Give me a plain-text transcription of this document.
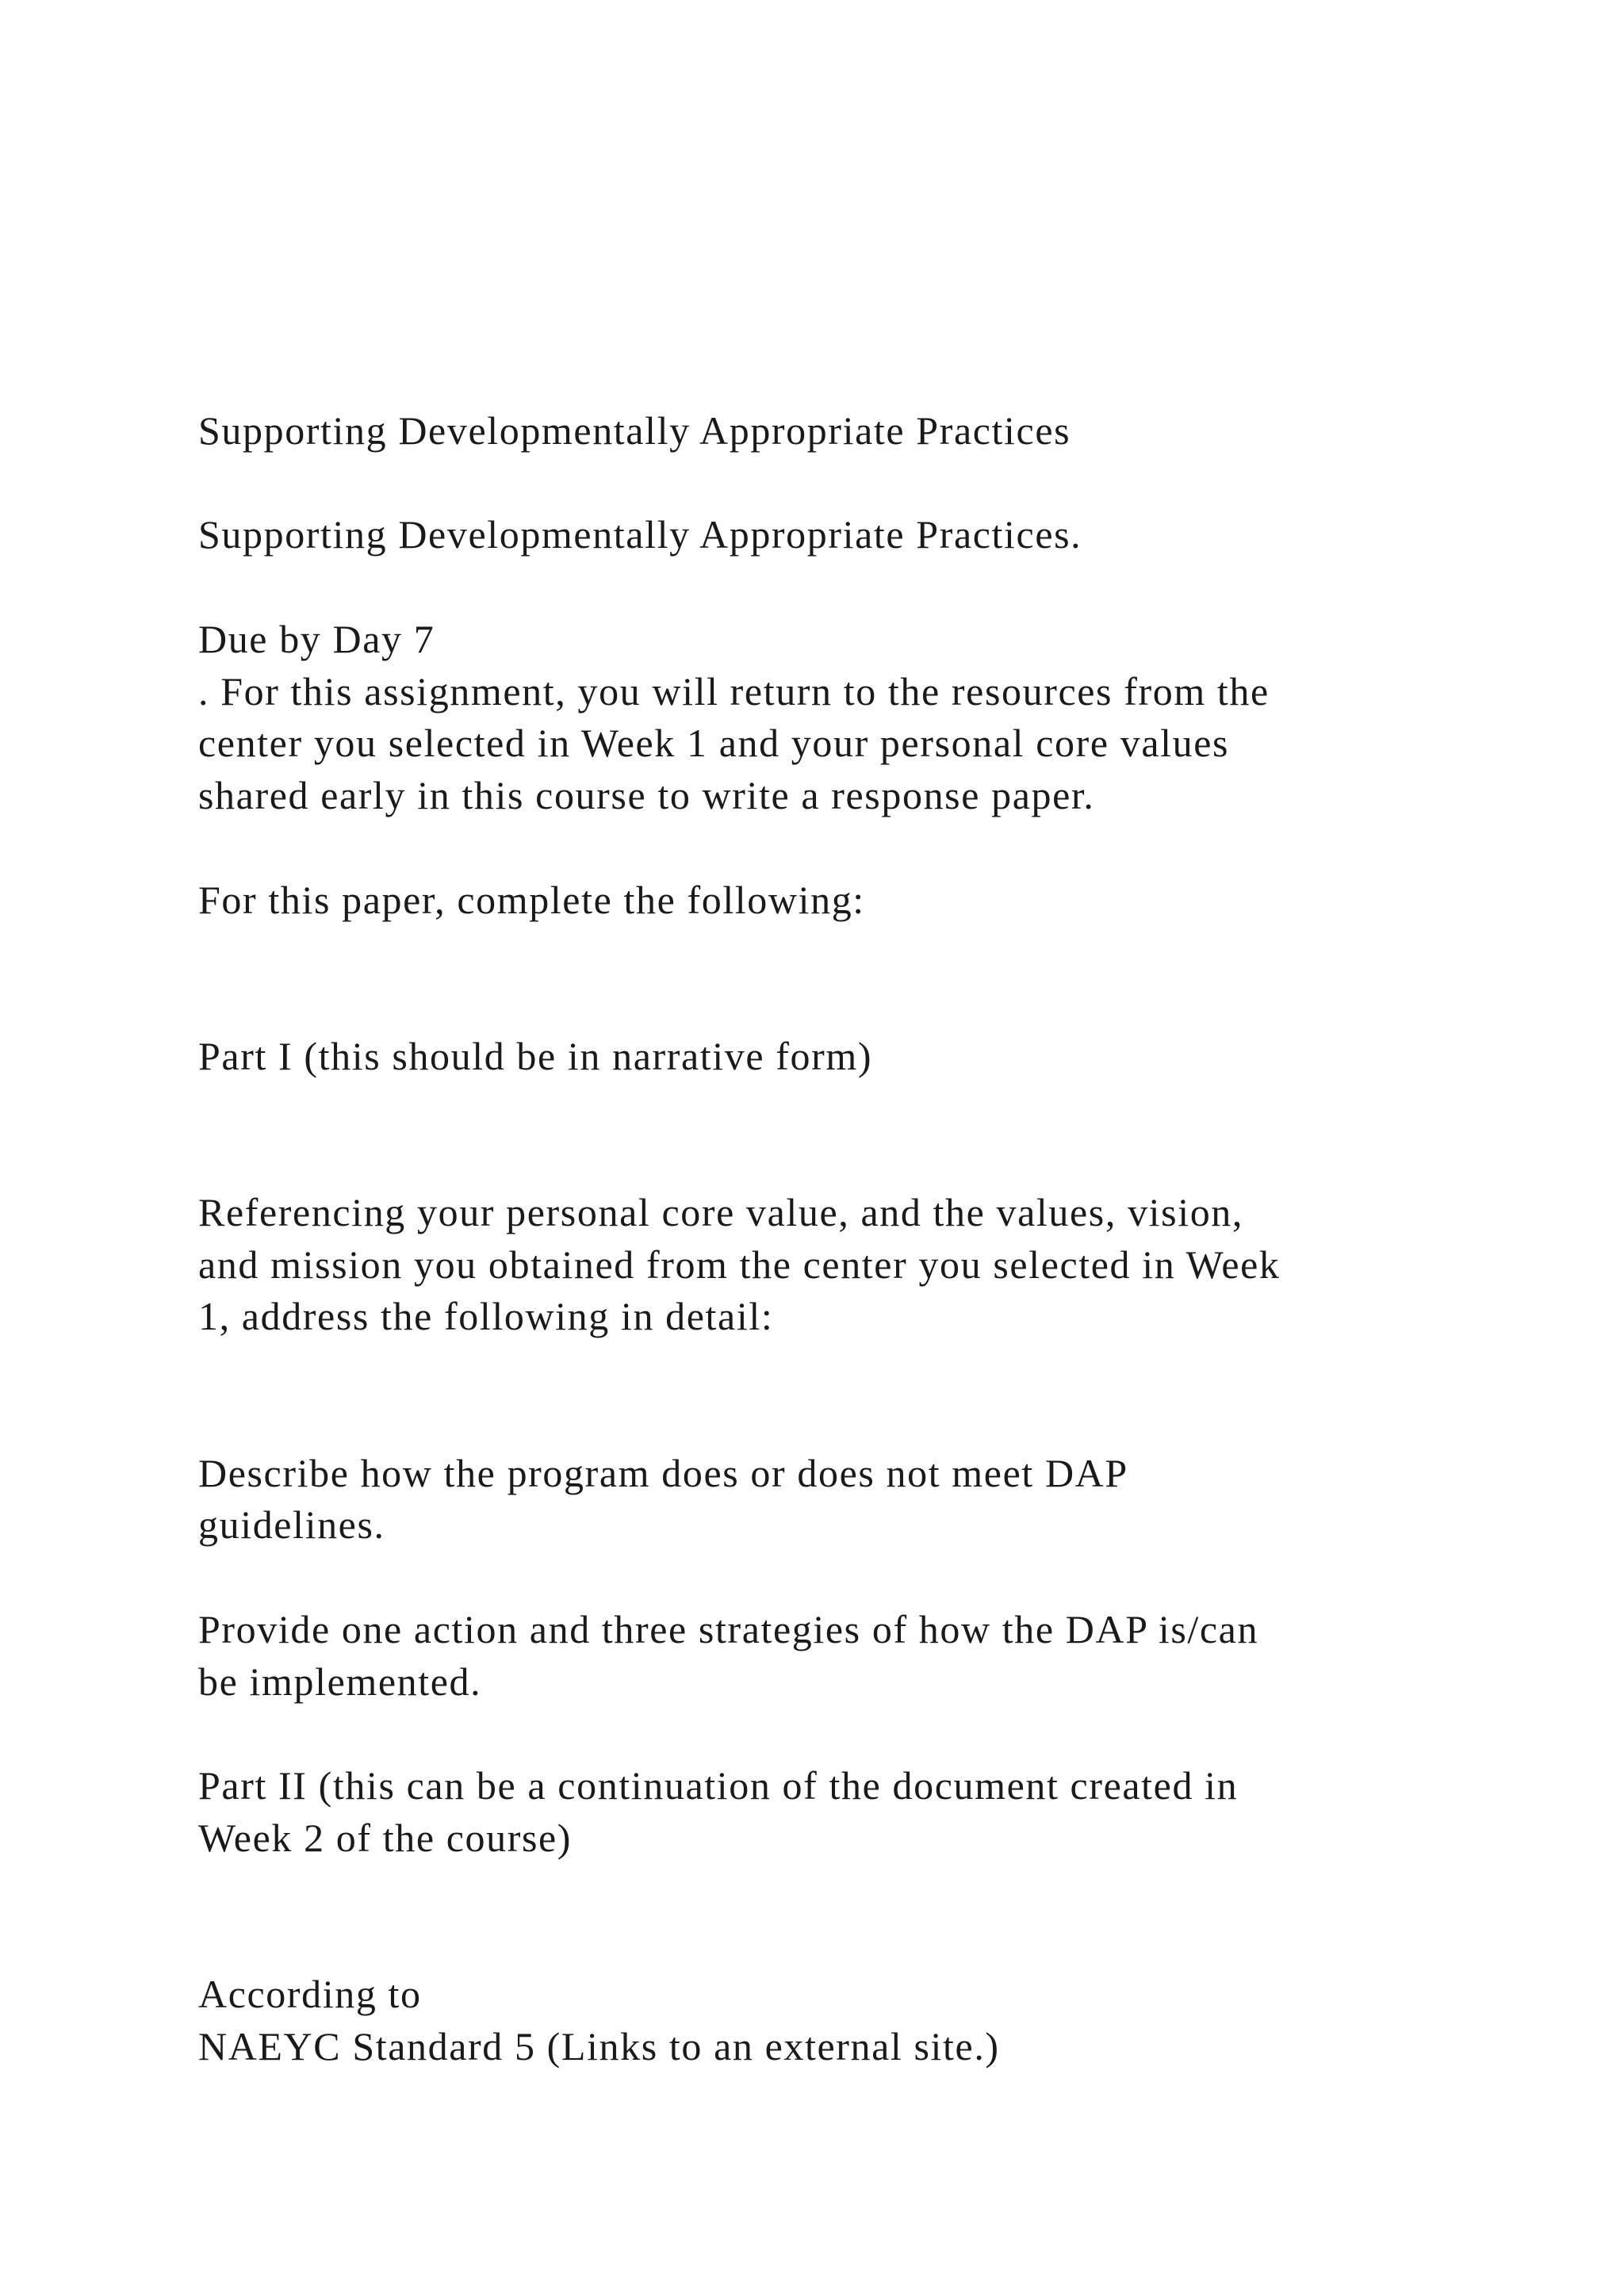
Supporting Developmentally Appropriate Practices
Supporting Developmentally Appropriate Practices.
Due by Day 7
. For this assignment, you will return to the resources from the
center you selected in Week 1 and your personal core values
shared early in this course to write a response paper.
For this paper, complete the following:
Part I (this should be in narrative form)
Referencing your personal core value, and the values, vision,
and mission you obtained from the center you selected in Week
1, address the following in detail:
Describe how the program does or does not meet DAP
guidelines.
Provide one action and three strategies of how the DAP is/can
be implemented.
Part II (this can be a continuation of the document created in
Week 2 of the course)
According to
NAEYC Standard 5 (Links to an external site.)
